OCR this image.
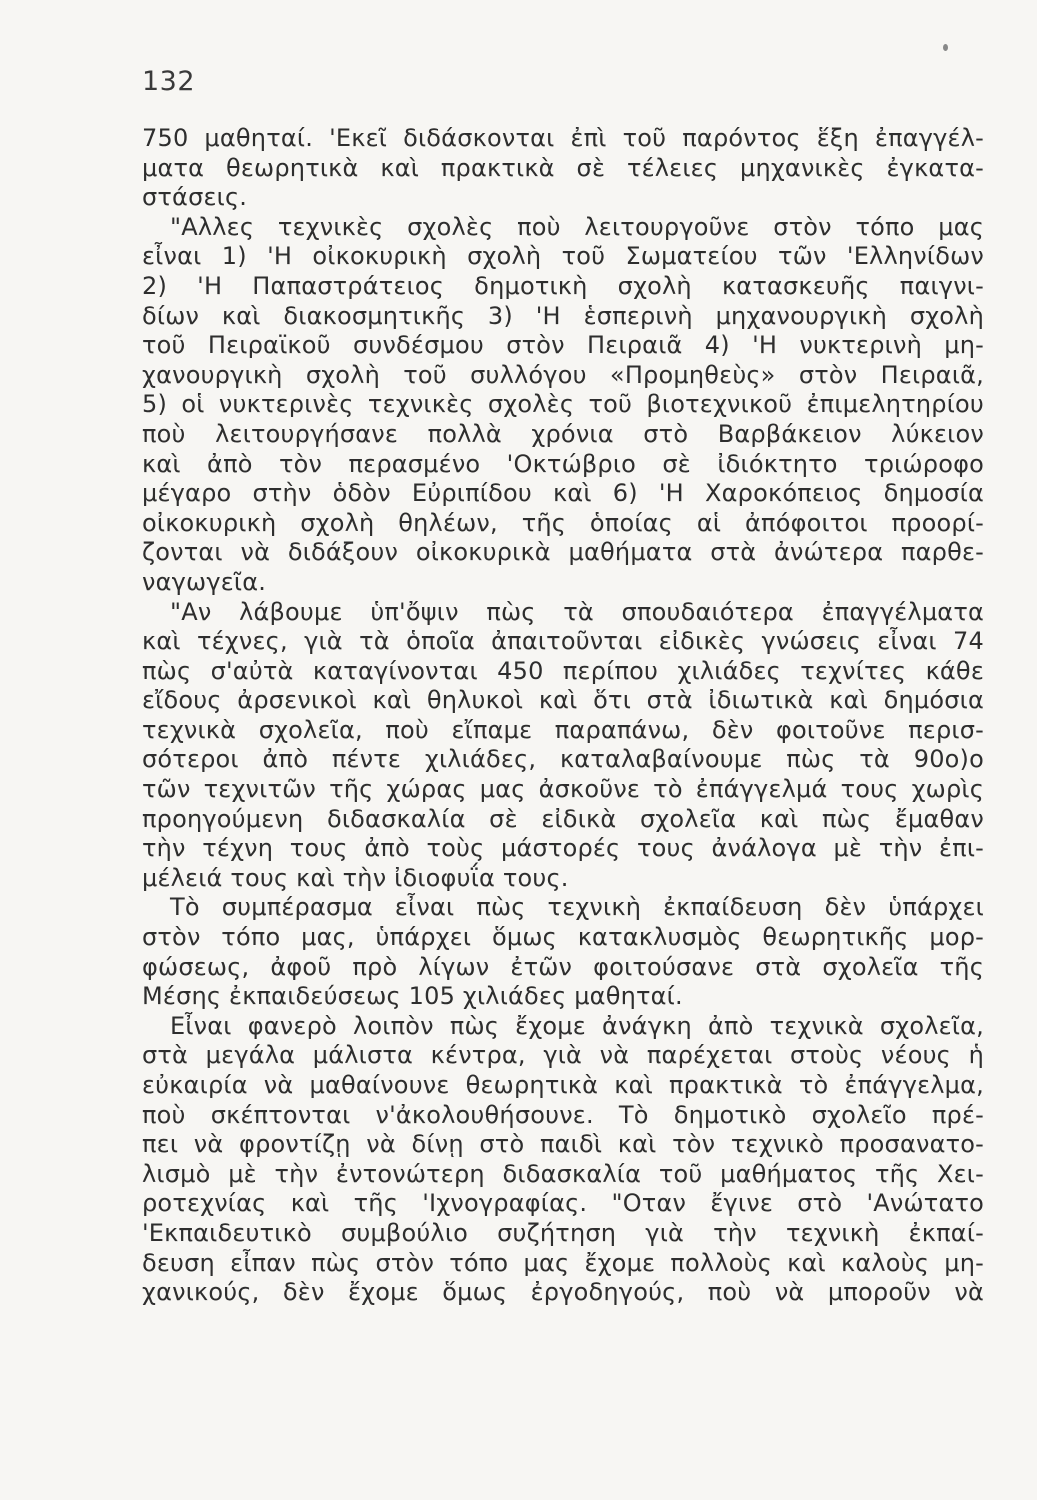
132
750 μαθηταί. 'Εκεῖ διδάσκονται ἐπὶ τοῦ παρόντος ἕξη ἐπαγγέλ-
ματα θεωρητικὰ καὶ πρακτικὰ σὲ τέλειες μηχανικὲς ἐγκατα-
στάσεις.
"Αλλες τεχνικὲς σχολὲς ποὺ λειτουργοῦνε στὸν τόπο μας
εἶναι 1) 'Η οἰκοκυρικὴ σχολὴ τοῦ Σωματείου τῶν 'Ελληνίδων
2) 'Η Παπαστράτειος δημοτικὴ σχολὴ κατασκευῆς παιγνι-
δίων καὶ διακοσμητικῆς 3) 'Η ἑσπερινὴ μηχανουργικὴ σχολὴ
τοῦ Πειραϊκοῦ συνδέσμου στὸν Πειραιᾶ 4) 'Η νυκτερινὴ μη-
χανουργικὴ σχολὴ τοῦ συλλόγου «Προμηθεὺς» στὸν Πειραιᾶ,
5) οἱ νυκτερινὲς τεχνικὲς σχολὲς τοῦ βιοτεχνικοῦ ἐπιμελητηρίου
ποὺ λειτουργήσανε πολλὰ χρόνια στὸ Βαρβάκειον λύκειον
καὶ ἀπὸ τὸν περασμένο 'Οκτώβριο σὲ ἰδιόκτητο τριώροφο
μέγαρο στὴν ὁδὸν Εὐριπίδου καὶ 6) 'Η Χαροκόπειος δημοσία
οἰκοκυρικὴ σχολὴ θηλέων, τῆς ὁποίας αἱ ἀπόφοιτοι προορί-
ζονται νὰ διδάξουν οἰκοκυρικὰ μαθήματα στὰ ἀνώτερα παρθε-
ναγωγεῖα.
"Αν λάβουμε ὑπ'ὄψιν πὼς τὰ σπουδαιότερα ἐπαγγέλματα
καὶ τέχνες, γιὰ τὰ ὁποῖα ἀπαιτοῦνται εἰδικὲς γνώσεις εἶναι 74
πὼς σ'αὐτὰ καταγίνονται 450 περίπου χιλιάδες τεχνίτες κάθε
εἴδους ἀρσενικοὶ καὶ θηλυκοὶ καὶ ὅτι στὰ ἰδιωτικὰ καὶ δημόσια
τεχνικὰ σχολεῖα, ποὺ εἴπαμε παραπάνω, δὲν φοιτοῦνε περισ-
σότεροι ἀπὸ πέντε χιλιάδες, καταλαβαίνουμε πὼς τὰ 90ο)ο
τῶν τεχνιτῶν τῆς χώρας μας ἀσκοῦνε τὸ ἐπάγγελμά τους χωρὶς
προηγούμενη διδασκαλία σὲ εἰδικὰ σχολεῖα καὶ πὼς ἔμαθαν
τὴν τέχνη τους ἀπὸ τοὺς μάστορές τους ἀνάλογα μὲ τὴν ἐπι-
μέλειά τους καὶ τὴν ἰδιοφυΐα τους.
Τὸ συμπέρασμα εἶναι πὼς τεχνικὴ ἐκπαίδευση δὲν ὑπάρχει
στὸν τόπο μας, ὑπάρχει ὅμως κατακλυσμὸς θεωρητικῆς μορ-
φώσεως, ἀφοῦ πρὸ λίγων ἐτῶν φοιτούσανε στὰ σχολεῖα τῆς
Μέσης ἐκπαιδεύσεως 105 χιλιάδες μαθηταί.
Εἶναι φανερὸ λοιπὸν πὼς ἔχομε ἀνάγκη ἀπὸ τεχνικὰ σχολεῖα,
στὰ μεγάλα μάλιστα κέντρα, γιὰ νὰ παρέχεται στοὺς νέους ἡ
εὐκαιρία νὰ μαθαίνουνε θεωρητικὰ καὶ πρακτικὰ τὸ ἐπάγγελμα,
ποὺ σκέπτονται ν'ἀκολουθήσουνε. Τὸ δημοτικὸ σχολεῖο πρέ-
πει νὰ φροντίζῃ νὰ δίνῃ στὸ παιδὶ καὶ τὸν τεχνικὸ προσανατο-
λισμὸ μὲ τὴν ἐντονώτερη διδασκαλία τοῦ μαθήματος τῆς Χει-
ροτεχνίας καὶ τῆς 'Ιχνογραφίας. "Οταν ἔγινε στὸ 'Ανώτατο
'Εκπαιδευτικὸ συμβούλιο συζήτηση γιὰ τὴν τεχνικὴ ἐκπαί-
δευση εἶπαν πὼς στὸν τόπο μας ἔχομε πολλοὺς καὶ καλοὺς μη-
χανικούς, δὲν ἔχομε ὅμως ἐργοδηγούς, ποὺ νὰ μποροῦν νὰ
